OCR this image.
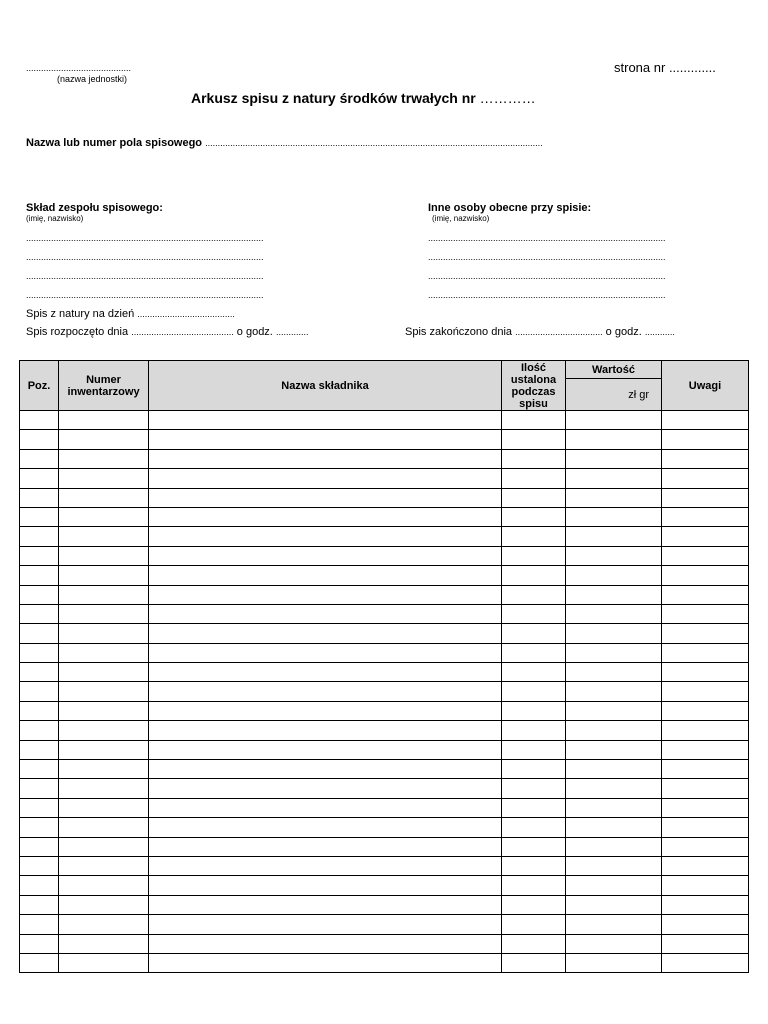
..........................................
(nazwa jednostki)
strona nr .............
Arkusz spisu z natury środków trwałych nr …………
Nazwa lub numer pola spisowego .......................................................................................................................................
Skład zespołu spisowego:
(imię, nazwisko)
...............................................................................................
...............................................................................................
...............................................................................................
...............................................................................................
Inne osoby obecne przy spisie:
(imię, nazwisko)
...............................................................................................
...............................................................................................
...............................................................................................
...............................................................................................
Spis z natury na dzień .......................................
Spis rozpoczęto dnia ......................................... o godz. .............	Spis zakończono dnia ................................... o godz. ............
Poz.	Numer inwentarzowy	Nazwa składnika	Ilość ustalona podczas spisu	Wartość	Uwagi
				zł gr	
